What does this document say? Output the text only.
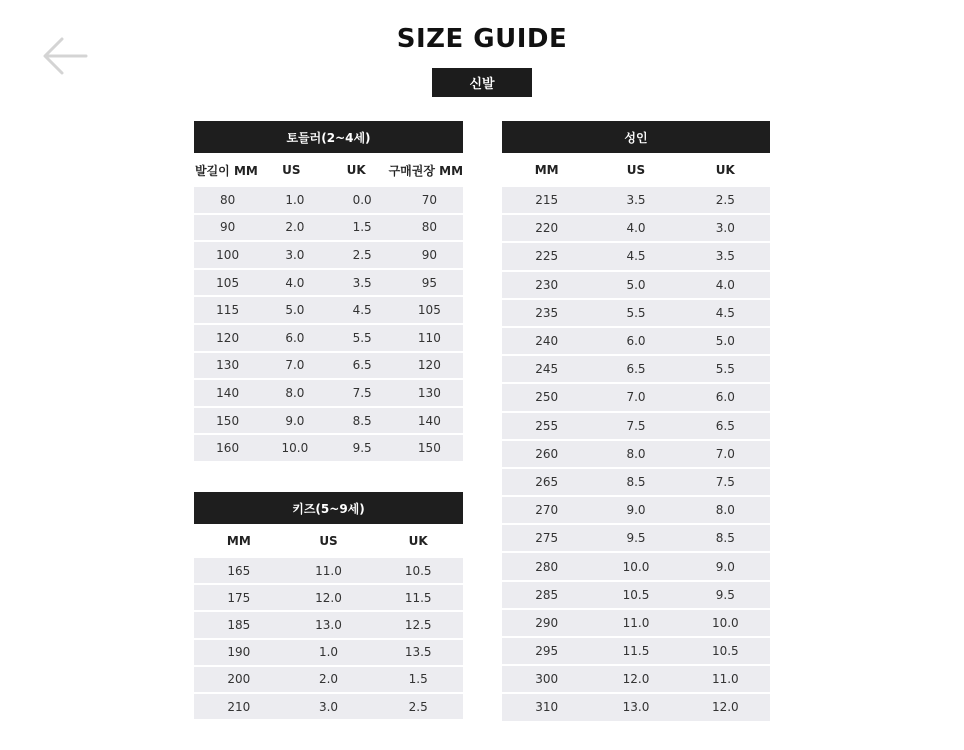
SIZE GUIDE
신발
토들러(2~4세)
발길이 MM	US	UK	구매권장 MM
80	1.0	0.0	70
90	2.0	1.5	80
100	3.0	2.5	90
105	4.0	3.5	95
115	5.0	4.5	105
120	6.0	5.5	110
130	7.0	6.5	120
140	8.0	7.5	130
150	9.0	8.5	140
160	10.0	9.5	150
키즈(5~9세)
MM	US	UK
165	11.0	10.5
175	12.0	11.5
185	13.0	12.5
190	1.0	13.5
200	2.0	1.5
210	3.0	2.5
성인
MM	US	UK
215	3.5	2.5
220	4.0	3.0
225	4.5	3.5
230	5.0	4.0
235	5.5	4.5
240	6.0	5.0
245	6.5	5.5
250	7.0	6.0
255	7.5	6.5
260	8.0	7.0
265	8.5	7.5
270	9.0	8.0
275	9.5	8.5
280	10.0	9.0
285	10.5	9.5
290	11.0	10.0
295	11.5	10.5
300	12.0	11.0
310	13.0	12.0
